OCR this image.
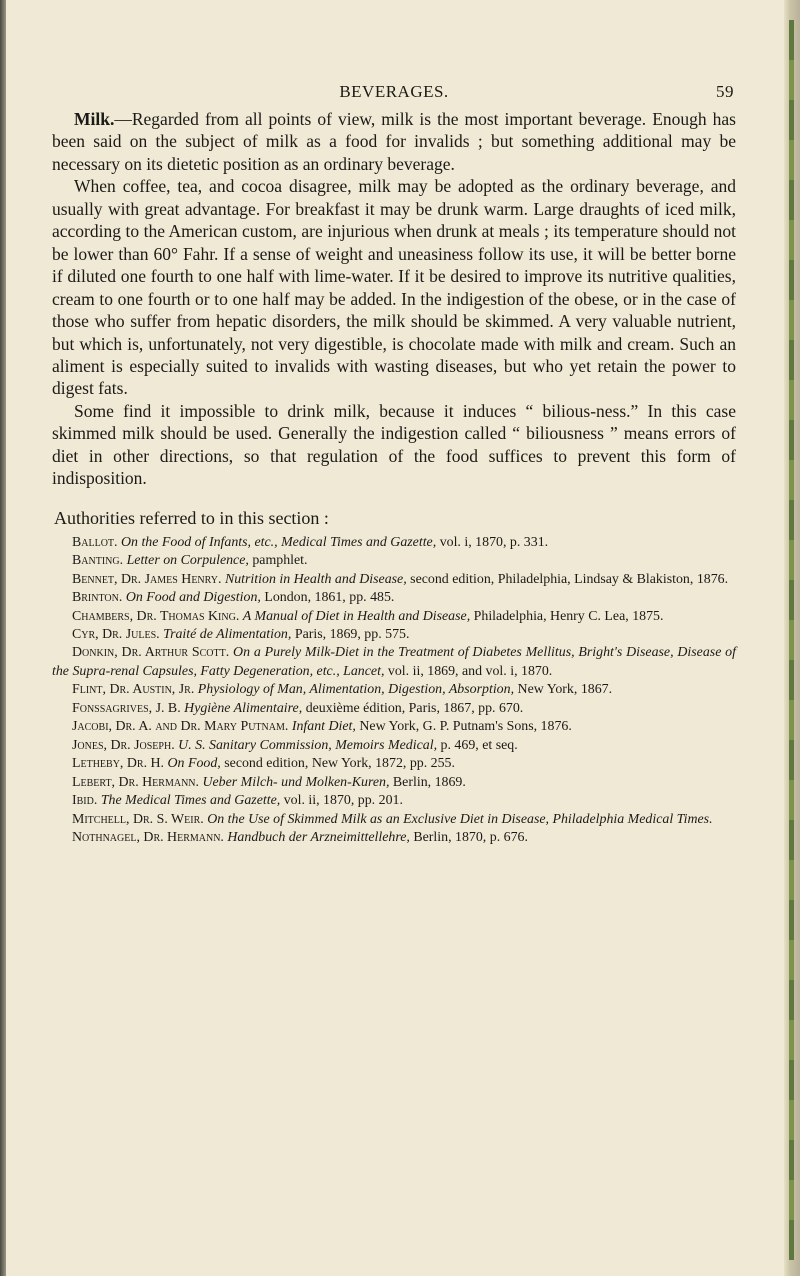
BEVERAGES.	59

Milk.—Regarded from all points of view, milk is the most important beverage. Enough has been said on the subject of milk as a food for invalids ; but something additional may be necessary on its dietetic position as an ordinary beverage.

When coffee, tea, and cocoa disagree, milk may be adopted as the ordinary beverage, and usually with great advantage. For breakfast it may be drunk warm. Large draughts of iced milk, according to the American custom, are injurious when drunk at meals ; its temperature should not be lower than 60° Fahr. If a sense of weight and uneasiness follow its use, it will be better borne if diluted one fourth to one half with lime-water. If it be desired to improve its nutritive qualities, cream to one fourth or to one half may be added. In the indigestion of the obese, or in the case of those who suffer from hepatic disorders, the milk should be skimmed. A very valuable nutrient, but which is, unfortunately, not very digestible, is chocolate made with milk and cream. Such an aliment is especially suited to invalids with wasting diseases, but who yet retain the power to digest fats.

Some find it impossible to drink milk, because it induces “ bilious-ness.” In this case skimmed milk should be used. Generally the indigestion called “ biliousness ” means errors of diet in other directions, so that regulation of the food suffices to prevent this form of indisposition.

Authorities referred to in this section :
Ballot. On the Food of Infants, etc., Medical Times and Gazette, vol. i, 1870, p. 331.
Banting. Letter on Corpulence, pamphlet.
Bennet, Dr. James Henry. Nutrition in Health and Disease, second edition, Philadelphia, Lindsay & Blakiston, 1876.
Brinton. On Food and Digestion, London, 1861, pp. 485.
Chambers, Dr. Thomas King. A Manual of Diet in Health and Disease, Philadelphia, Henry C. Lea, 1875.
Cyr, Dr. Jules. Traité de Alimentation, Paris, 1869, pp. 575.
Donkin, Dr. Arthur Scott. On a Purely Milk-Diet in the Treatment of Diabetes Mellitus, Bright's Disease, Disease of the Supra-renal Capsules, Fatty Degeneration, etc., Lancet, vol. ii, 1869, and vol. i, 1870.
Flint, Dr. Austin, Jr. Physiology of Man, Alimentation, Digestion, Absorption, New York, 1867.
Fonssagrives, J. B. Hygiène Alimentaire, deuxième édition, Paris, 1867, pp. 670.
Jacobi, Dr. A. and Dr. Mary Putnam. Infant Diet, New York, G. P. Putnam's Sons, 1876.
Jones, Dr. Joseph. U. S. Sanitary Commission, Memoirs Medical, p. 469, et seq.
Letheby, Dr. H. On Food, second edition, New York, 1872, pp. 255.
Lebert, Dr. Hermann. Ueber Milch- und Molken-Kuren, Berlin, 1869.
Ibid. The Medical Times and Gazette, vol. ii, 1870, pp. 201.
Mitchell, Dr. S. Weir. On the Use of Skimmed Milk as an Exclusive Diet in Disease, Philadelphia Medical Times.
Nothnagel, Dr. Hermann. Handbuch der Arzneimittellehre, Berlin, 1870, p. 676.
